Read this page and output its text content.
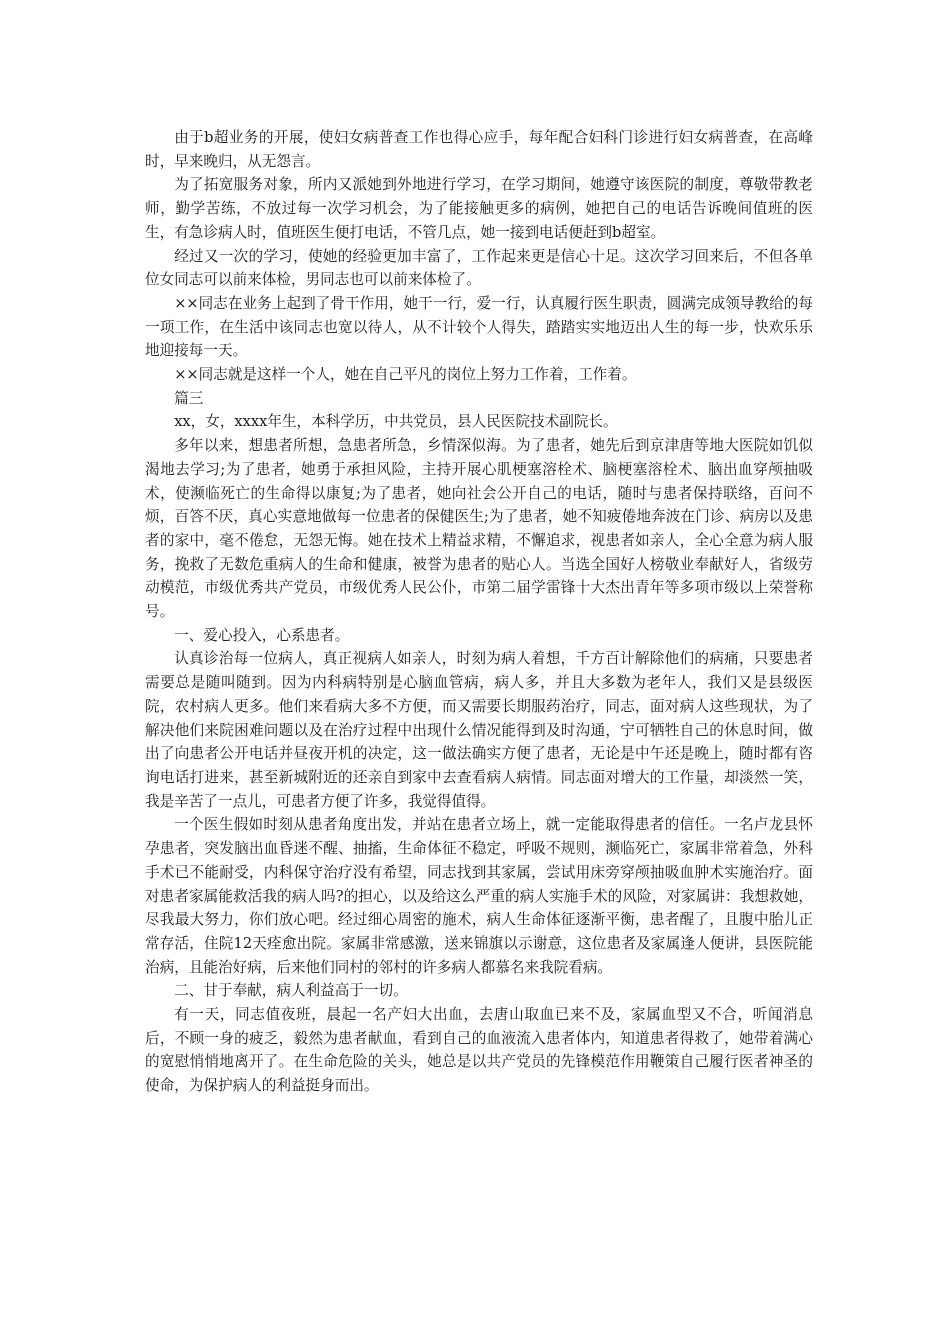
由于b超业务的开展，使妇女病普查工作也得心应手，每年配合妇科门诊进行妇女病普查，在高峰时，早来晚归，从无怨言。

为了拓宽服务对象，所内又派她到外地进行学习，在学习期间，她遵守该医院的制度，尊敬带教老师，勤学苦练，不放过每一次学习机会，为了能接触更多的病例，她把自己的电话告诉晚间值班的医生，有急诊病人时，值班医生便打电话，不管几点，她一接到电话便赶到b超室。

经过又一次的学习，使她的经验更加丰富了，工作起来更是信心十足。这次学习回来后，不但各单位女同志可以前来体检，男同志也可以前来体检了。

××同志在业务上起到了骨干作用，她干一行，爱一行，认真履行医生职责，圆满完成领导教给的每一项工作，在生活中该同志也宽以待人，从不计较个人得失，踏踏实实地迈出人生的每一步，快欢乐乐地迎接每一天。

××同志就是这样一个人，她在自己平凡的岗位上努力工作着，工作着。

篇三

xx，女，xxxx年生，本科学历，中共党员，县人民医院技术副院长。

多年以来，想患者所想，急患者所急，乡情深似海。为了患者，她先后到京津唐等地大医院如饥似渴地去学习;为了患者，她勇于承担风险，主持开展心肌梗塞溶栓术、脑梗塞溶栓术、脑出血穿颅抽吸术，使濒临死亡的生命得以康复;为了患者，她向社会公开自己的电话，随时与患者保持联络，百问不烦，百答不厌，真心实意地做每一位患者的保健医生;为了患者，她不知疲倦地奔波在门诊、病房以及患者的家中，毫不倦怠，无怨无悔。她在技术上精益求精，不懈追求，视患者如亲人，全心全意为病人服务，挽救了无数危重病人的生命和健康，被誉为患者的贴心人。当选全国好人榜敬业奉献好人，省级劳动模范，市级优秀共产党员，市级优秀人民公仆，市第二届学雷锋十大杰出青年等多项市级以上荣誉称号。

一、爱心投入，心系患者。

认真诊治每一位病人，真正视病人如亲人，时刻为病人着想，千方百计解除他们的病痛，只要患者需要总是随叫随到。因为内科病特别是心脑血管病，病人多，并且大多数为老年人，我们又是县级医院，农村病人更多。他们来看病大多不方便，而又需要长期服药治疗，同志，面对病人这些现状，为了解决他们来院困难问题以及在治疗过程中出现什么情况能得到及时沟通，宁可牺牲自己的休息时间，做出了向患者公开电话并昼夜开机的决定，这一做法确实方便了患者，无论是中午还是晚上，随时都有咨询电话打进来，甚至新城附近的还亲自到家中去查看病人病情。同志面对增大的工作量，却淡然一笑，我是辛苦了一点儿，可患者方便了许多，我觉得值得。

一个医生假如时刻从患者角度出发，并站在患者立场上，就一定能取得患者的信任。一名卢龙县怀孕患者，突发脑出血昏迷不醒、抽搐，生命体征不稳定，呼吸不规则，濒临死亡，家属非常着急，外科手术已不能耐受，内科保守治疗没有希望，同志找到其家属，尝试用床旁穿颅抽吸血肿术实施治疗。面对患者家属能救活我的病人吗?的担心，以及给这么严重的病人实施手术的风险，对家属讲：我想救她，尽我最大努力，你们放心吧。经过细心周密的施术，病人生命体征逐渐平衡，患者醒了，且腹中胎儿正常存活，住院12天痊愈出院。家属非常感激，送来锦旗以示谢意，这位患者及家属逢人便讲，县医院能治病，且能治好病，后来他们同村的邻村的许多病人都慕名来我院看病。

二、甘于奉献，病人利益高于一切。

有一天，同志值夜班，晨起一名产妇大出血，去唐山取血已来不及，家属血型又不合，听闻消息后，不顾一身的疲乏，毅然为患者献血，看到自己的血液流入患者体内，知道患者得救了，她带着满心的宽慰悄悄地离开了。在生命危险的关头，她总是以共产党员的先锋模范作用鞭策自己履行医者神圣的使命，为保护病人的利益挺身而出。
